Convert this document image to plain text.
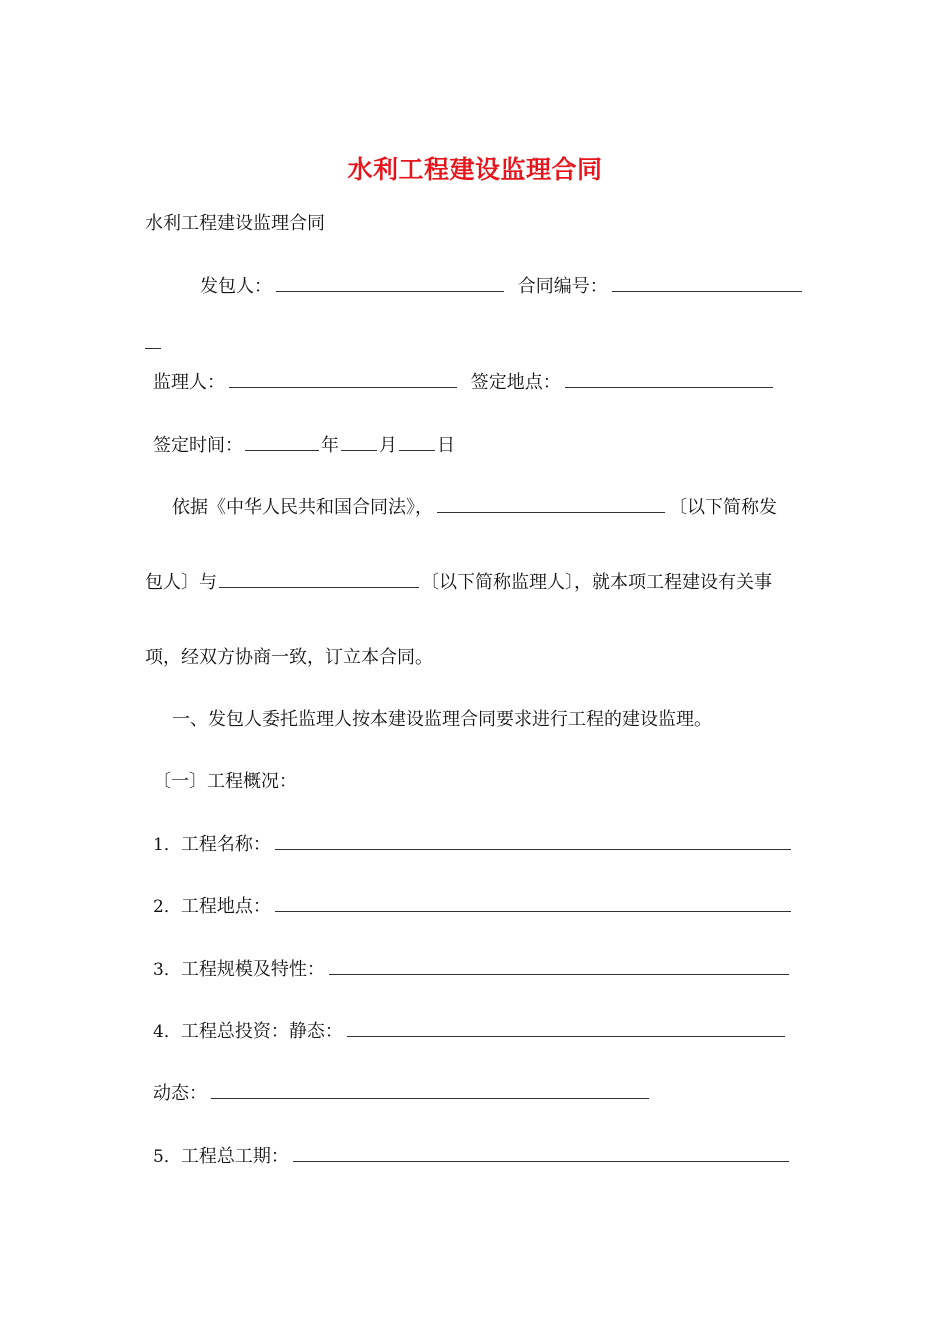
水利工程建设监理合同
水利工程建设监理合同
发包人：	合同编号：
监理人：	签定地点：
签定时间：	年 月 日
依据《中华人民共和国合同法》，	〔以下简称发
包人〕与	〔以下简称监理人〕，就本项工程建设有关事
项，经双方协商一致，订立本合同。
一、发包人委托监理人按本建设监理合同要求进行工程的建设监理。
〔一〕工程概况：
1．工程名称：
2．工程地点：
3．工程规模及特性：
4．工程总投资：静态：
动态：
5．工程总工期：
